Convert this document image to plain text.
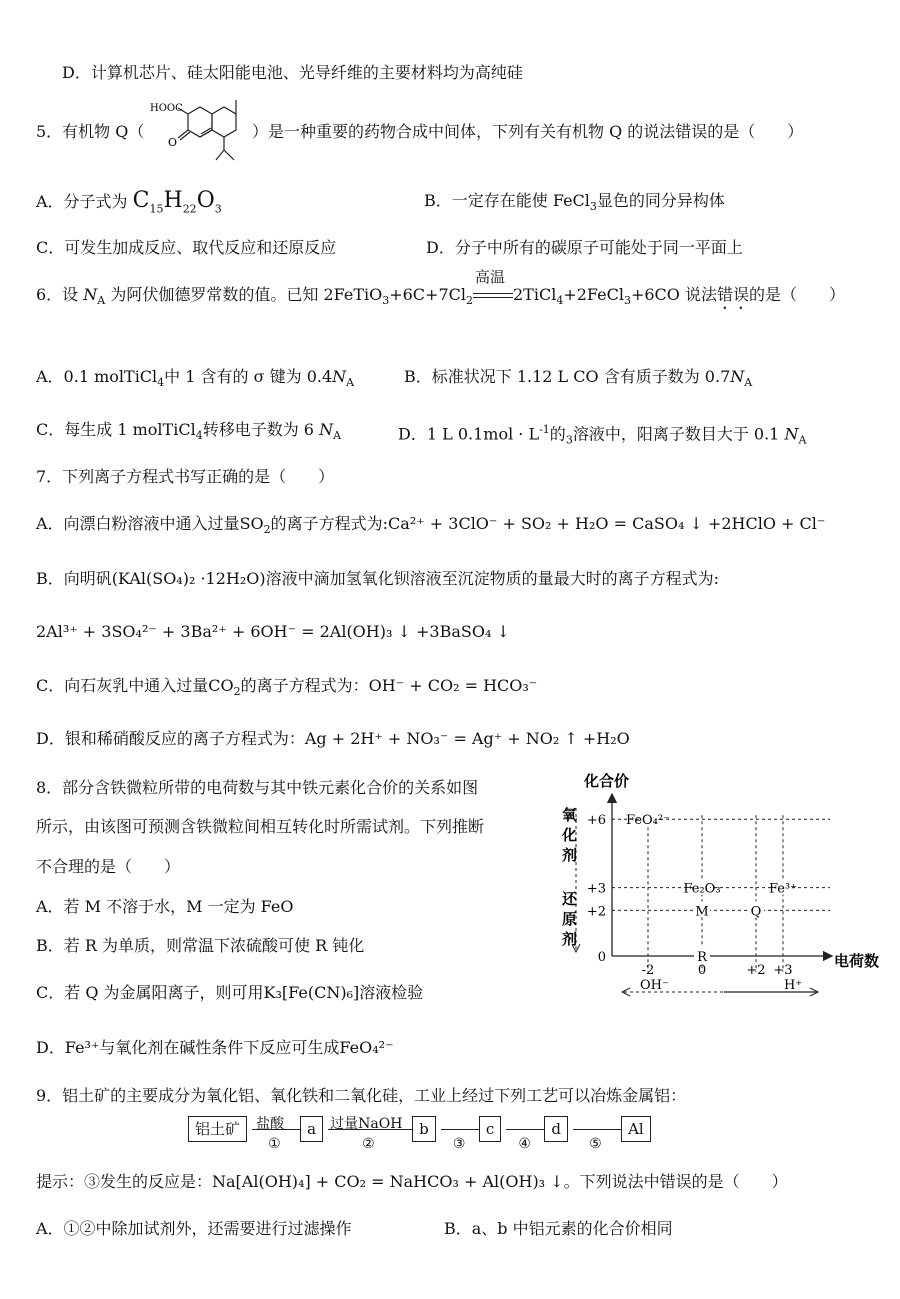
D．计算机芯片、硅太阳能电池、光导纤维的主要材料均为高纯硅
5．有机物 Q（
HOOC
O
）是一种重要的药物合成中间体，下列有关有机物 Q 的说法错误的是（　　）
A．分子式为 $C_{15}H_{22}O_3$	B．一定存在能使 FeCl$_3$显色的同分异构体
C．可发生加成反应、取代反应和还原反应	D．分子中所有的碳原子可能处于同一平面上
6．设 $N_A$ 为阿伏伽德罗常数的值。已知 $2FeTiO_3+6C+7Cl_2$
高温
2TiCl$_4$+2FeCl$_3$+6CO 说法错误的是（　　）
A．0.1 molTiCl$_4$中 1 含有的 σ 键为 $0.4N_A$	B．标准状况下 1.12 L CO 含有质子数为 $0.7N_A$
C．每生成 1 molTiCl$_4$转移电子数为 6 $N_A$	D．1 L $0.1mol \cdot L^{-1}$的$_3$溶液中，阳离子数目大于 0.1 $N_A$
7．下列离子方程式书写正确的是（　　）
A．向漂白粉溶液中通入过量$SO_2$的离子方程式为:Ca²⁺ + 3ClO⁻ + SO₂ + H₂O = CaSO₄ ↓ +2HClO + Cl⁻
B．向明矾(KAl(SO₄)₂ ·12H₂O)溶液中滴加氢氧化钡溶液至沉淀物质的量最大时的离子方程式为:
2Al³⁺ + 3SO₄²⁻ + 3Ba²⁺ + 6OH⁻ = 2Al(OH)₃ ↓ +3BaSO₄ ↓
C．向石灰乳中通入过量$CO_2$的离子方程式为：OH⁻ + CO₂ = HCO₃⁻
D．银和稀硝酸反应的离子方程式为：Ag + 2H⁺ + NO₃⁻ = Ag⁺ + NO₂ ↑ +H₂O
8．部分含铁微粒所带的电荷数与其中铁元素化合价的关系如图
所示，由该图可预测含铁微粒间相互转化时所需试剂。下列推断
不合理的是（　　）
A．若 M 不溶于水，M 一定为 FeO
B．若 R 为单质，则常温下浓硫酸可使 R 钝化
C．若 Q 为金属阳离子，则可用K₃[Fe(CN)₆]溶液检验
D．Fe³⁺与氧化剂在碱性条件下反应可生成FeO₄²⁻
化合价
电荷数
氧
化
剂
还
原
剂
+6
+3
+2
0
-2	0	+2 +3
FeO₄²⁻
Fe₂O₃	Fe³⁺
M	Q
R
OH⁻	H⁺
9．铝土矿的主要成分为氧化铝、氧化铁和二氧化硅，工业上经过下列工艺可以冶炼金属铝：
铝土矿 盐酸
①
a 过量NaOH
②
b
③
c
④
d
⑤
Al
提示：③发生的反应是：Na[Al(OH)₄] + CO₂ = NaHCO₃ + Al(OH)₃ ↓。下列说法中错误的是（　　）
A．①②中除加试剂外，还需要进行过滤操作	B．a、b 中铝元素的化合价相同
